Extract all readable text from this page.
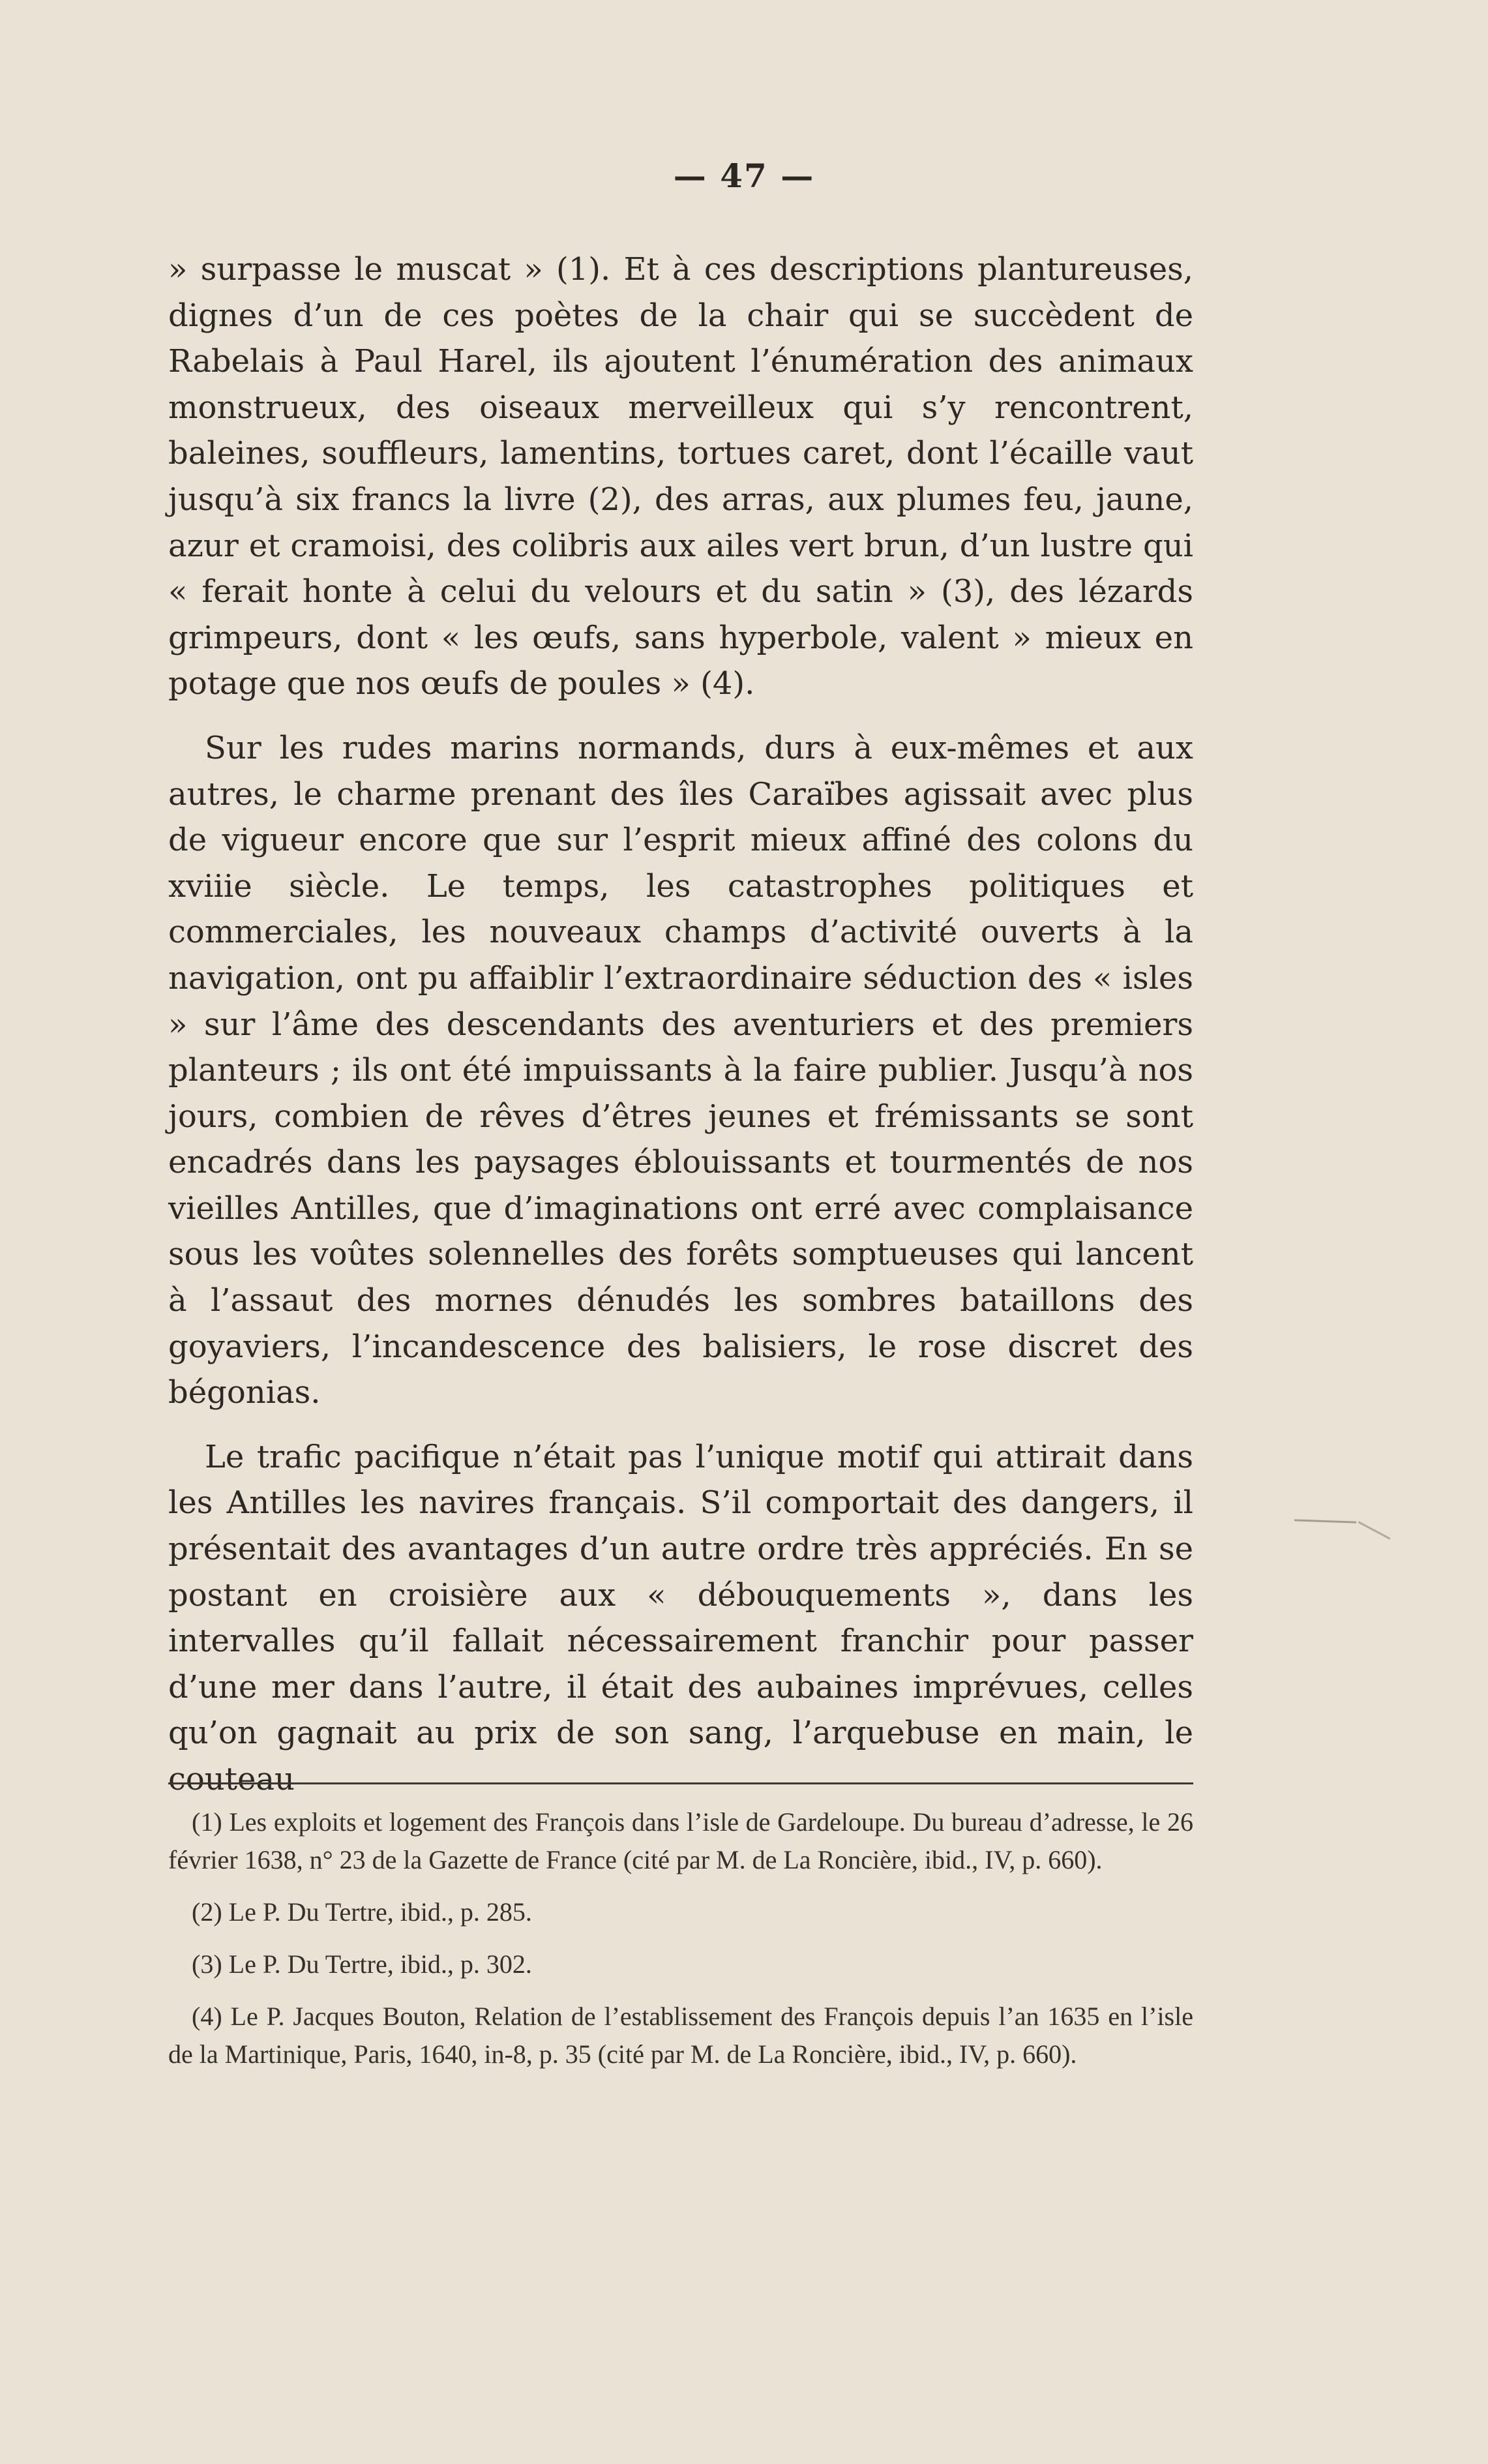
— 47 —

» surpasse le muscat » (1). Et à ces descriptions plantureuses, dignes d’un de ces poètes de la chair qui se succèdent de Rabelais à Paul Harel, ils ajoutent l’énumération des animaux monstrueux, des oiseaux merveilleux qui s’y rencontrent, baleines, souffleurs, lamentins, tortues caret, dont l’écaille vaut jusqu’à six francs la livre (2), des arras, aux plumes feu, jaune, azur et cramoisi, des colibris aux ailes vert brun, d’un lustre qui « ferait honte à celui du velours et du satin » (3), des lézards grimpeurs, dont « les œufs, sans hyperbole, valent » mieux en potage que nos œufs de poules » (4).

Sur les rudes marins normands, durs à eux-mêmes et aux autres, le charme prenant des îles Caraïbes agissait avec plus de vigueur encore que sur l’esprit mieux affiné des colons du xviiie siècle. Le temps, les catastrophes politiques et commerciales, les nouveaux champs d’activité ouverts à la navigation, ont pu affaiblir l’extraordinaire séduction des « isles » sur l’âme des descendants des aventuriers et des premiers planteurs ; ils ont été impuissants à la faire publier. Jusqu’à nos jours, combien de rêves d’êtres jeunes et frémissants se sont encadrés dans les paysages éblouissants et tourmentés de nos vieilles Antilles, que d’imaginations ont erré avec complaisance sous les voûtes solennelles des forêts somptueuses qui lancent à l’assaut des mornes dénudés les sombres bataillons des goyaviers, l’incandescence des balisiers, le rose discret des bégonias.

Le trafic pacifique n’était pas l’unique motif qui attirait dans les Antilles les navires français. S’il comportait des dangers, il présentait des avantages d’un autre ordre très appréciés. En se postant en croisière aux « débouquements », dans les intervalles qu’il fallait nécessairement franchir pour passer d’une mer dans l’autre, il était des aubaines imprévues, celles qu’on gagnait au prix de son sang, l’arquebuse en main, le couteau

(1) Les exploits et logement des François dans l’isle de Gardeloupe. Du bureau d’adresse, le 26 février 1638, n° 23 de la Gazette de France (cité par M. de La Roncière, ibid., IV, p. 660).

(2) Le P. Du Tertre, ibid., p. 285.

(3) Le P. Du Tertre, ibid., p. 302.

(4) Le P. Jacques Bouton, Relation de l’establissement des François depuis l’an 1635 en l’isle de la Martinique, Paris, 1640, in-8, p. 35 (cité par M. de La Roncière, ibid., IV, p. 660).
